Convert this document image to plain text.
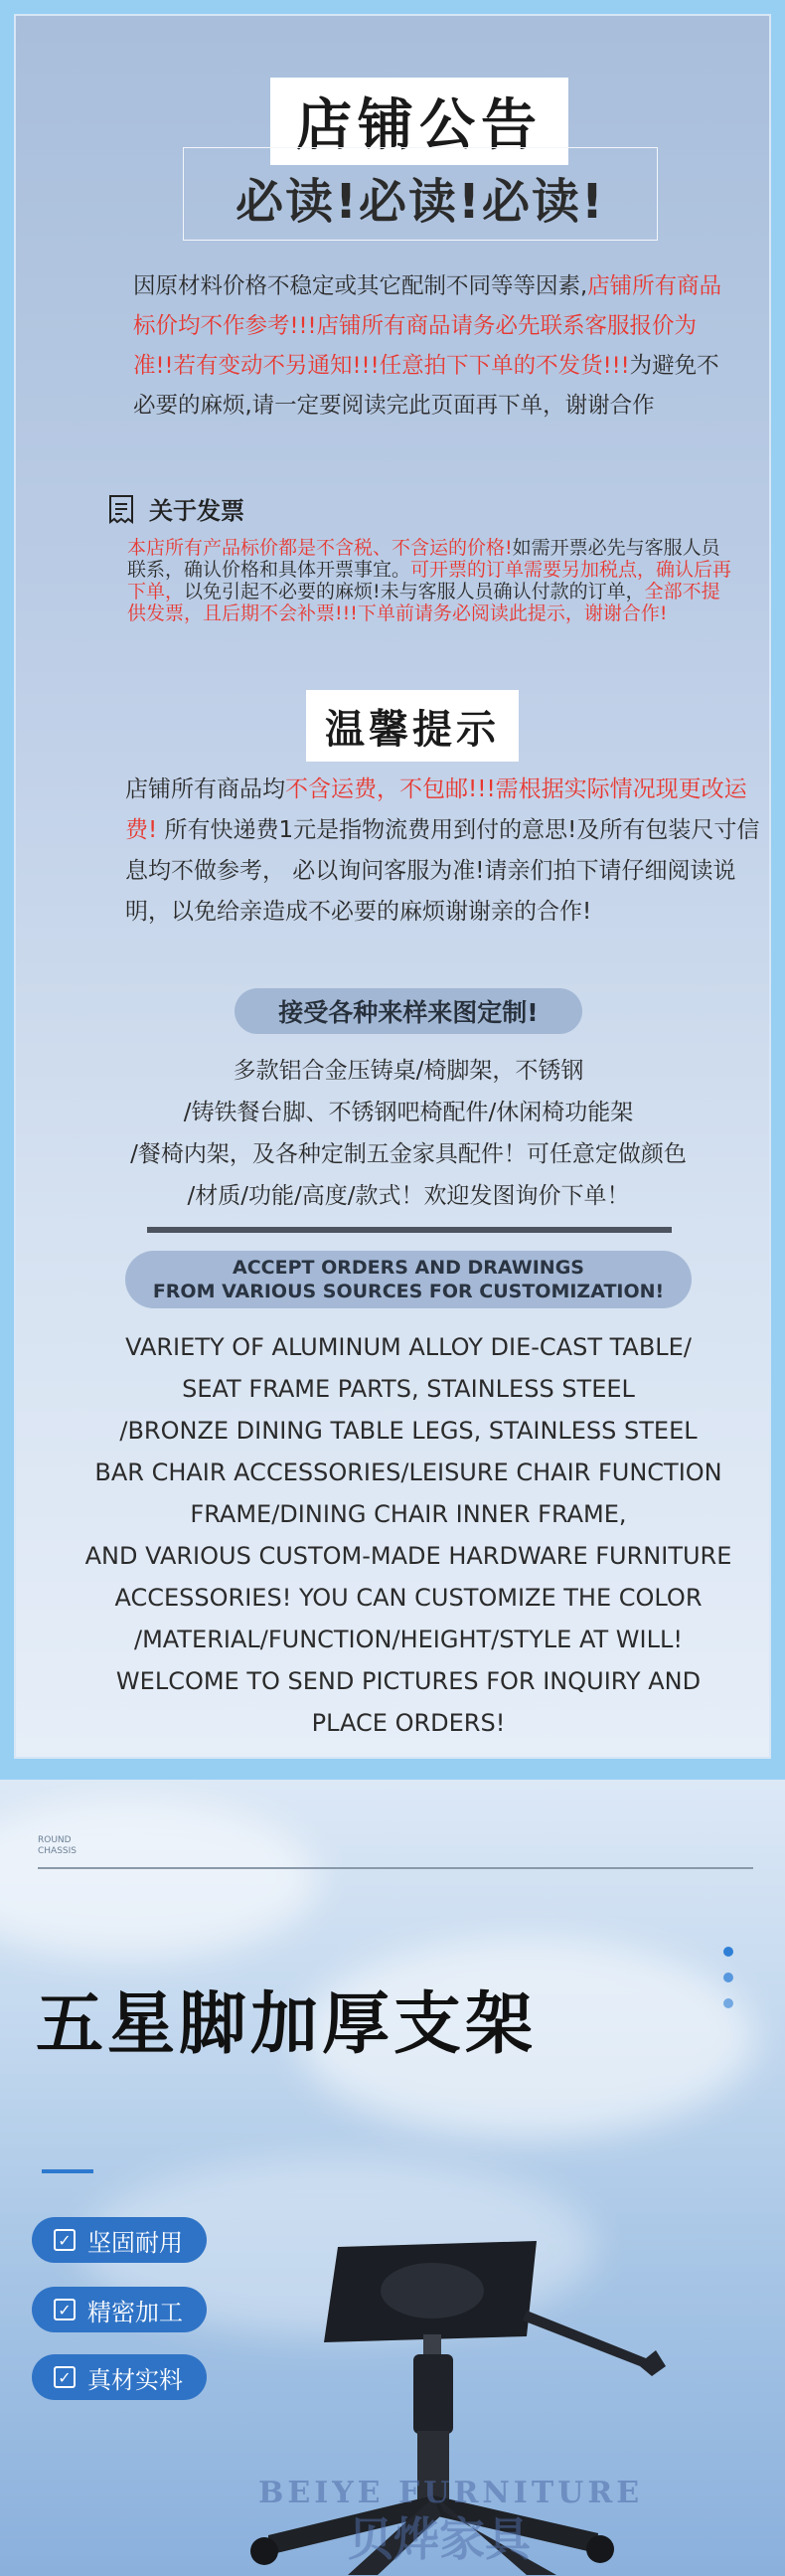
店铺公告
必读!必读!必读!
因原材料价格不稳定或其它配制不同等等因素,店铺所有商品标价均不作参考!!!店铺所有商品请务必先联系客服报价为准!!若有变动不另通知!!!任意拍下下单的不发货!!!为避免不必要的麻烦,请一定要阅读完此页面再下单，谢谢合作
关于发票
本店所有产品标价都是不含税、不含运的价格!如需开票必先与客服人员联系，确认价格和具体开票事宜。可开票的订单需要另加税点，确认后再下单，以免引起不必要的麻烦!未与客服人员确认付款的订单，全部不提供发票，且后期不会补票!!!下单前请务必阅读此提示，谢谢合作!
温馨提示
店铺所有商品均不含运费，不包邮!!!需根据实际情况现更改运费! 所有快递费1元是指物流费用到付的意思!及所有包装尺寸信息均不做参考， 必以询问客服为准!请亲们拍下请仔细阅读说明，以免给亲造成不必要的麻烦谢谢亲的合作!
接受各种来样来图定制!
多款铝合金压铸桌/椅脚架，不锈钢
/铸铁餐台脚、不锈钢吧椅配件/休闲椅功能架
/餐椅内架，及各种定制五金家具配件！可任意定做颜色
/材质/功能/高度/款式！欢迎发图询价下单！
ACCEPT ORDERS AND DRAWINGS
FROM VARIOUS SOURCES FOR CUSTOMIZATION!
VARIETY OF ALUMINUM ALLOY DIE-CAST TABLE/
SEAT FRAME PARTS, STAINLESS STEEL
/BRONZE DINING TABLE LEGS, STAINLESS STEEL
BAR CHAIR ACCESSORIES/LEISURE CHAIR FUNCTION
FRAME/DINING CHAIR INNER FRAME,
AND VARIOUS CUSTOM-MADE HARDWARE FURNITURE
ACCESSORIES! YOU CAN CUSTOMIZE THE COLOR
/MATERIAL/FUNCTION/HEIGHT/STYLE AT WILL!
WELCOME TO SEND PICTURES FOR INQUIRY AND
PLACE ORDERS!
ROUND
CHASSIS
五星脚加厚支架
✓ 坚固耐用
✓ 精密加工
✓ 真材实料
BEIYE FURNITURE
贝烨家具
